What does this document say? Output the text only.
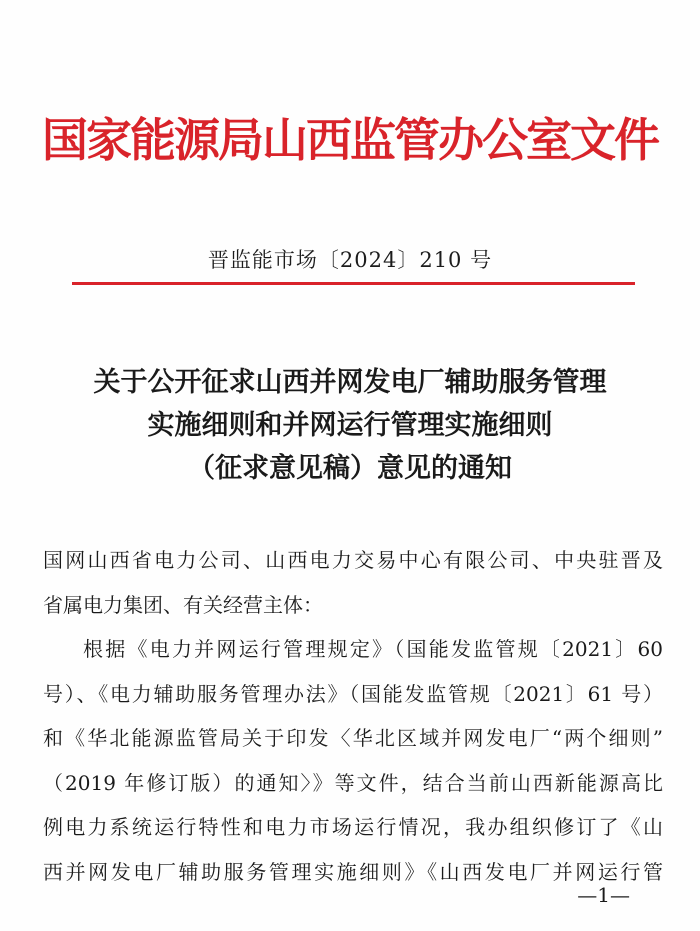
国家能源局山西监管办公室文件
晋监能市场〔2024〕210 号
关于公开征求山西并网发电厂辅助服务管理
实施细则和并网运行管理实施细则
（征求意见稿）意见的通知
国网山西省电力公司、山西电力交易中心有限公司、中央驻晋及
省属电力集团、有关经营主体：
根据《电力并网运行管理规定》（国能发监管规〔2021〕60
号）、《电力辅助服务管理办法》（国能发监管规〔2021〕61 号）
和《华北能源监管局关于印发〈华北区域并网发电厂“两个细则”
（2019 年修订版）的通知〉》等文件，结合当前山西新能源高比
例电力系统运行特性和电力市场运行情况，我办组织修订了《山
西并网发电厂辅助服务管理实施细则》《山西发电厂并网运行管
—1—
